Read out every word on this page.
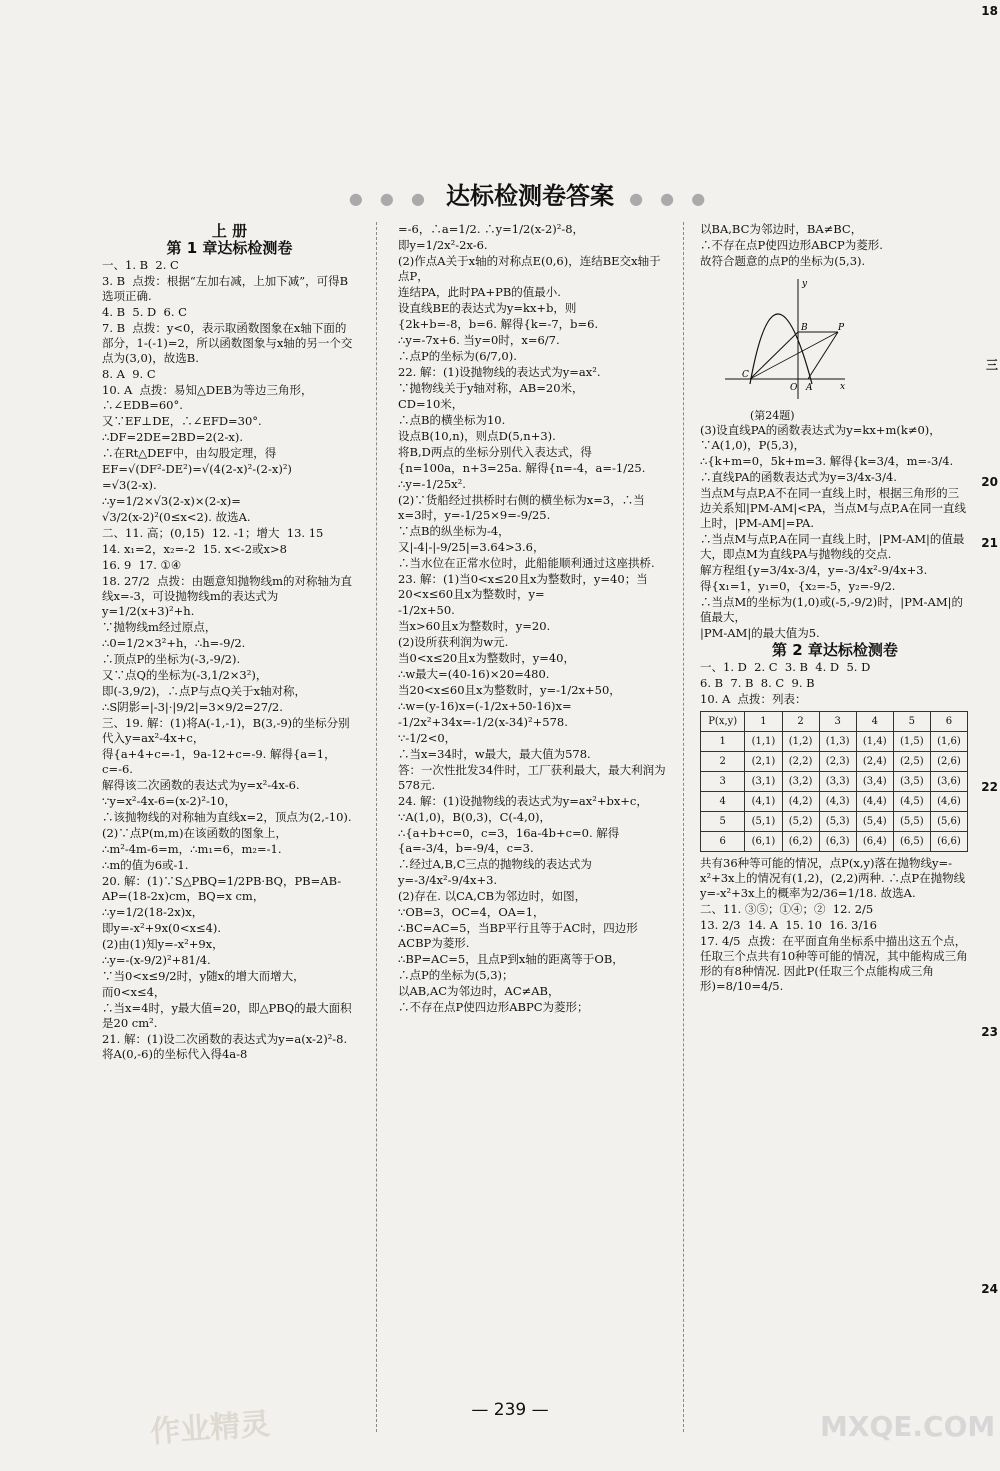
18
三
20
21
22
23
24
● ● ● 达标检测卷答案 ● ● ●
上 册
第 1 章达标检测卷

一、1. B  2. C

3. B  点拨：根据“左加右减，上加下减”，可得B选项正确.

4. B  5. D  6. C

7. B  点拨：y<0，表示取函数图象在x轴下面的部分，1-(-1)=2，所以函数图象与x轴的另一个交点为(3,0)，故选B.

8. A  9. C

10. A  点拨：易知△DEB为等边三角形，∴∠EDB=60°.

又∵EF⊥DE，∴∠EFD=30°.

∴DF=2DE=2BD=2(2-x).

∴在Rt△DEF中，由勾股定理，得

EF=√(DF²-DE²)=√(4(2-x)²-(2-x)²)

=√3(2-x).

∴y=1/2×√3(2-x)×(2-x)=

√3/2(x-2)²(0≤x<2). 故选A.

二、11. 高；(0,15)  12. -1；增大  13. 15

14. x₁=2，x₂=-2  15. x<-2或x>8

16. 9  17. ①④

18. 27/2  点拨：由题意知抛物线m的对称轴为直线x=-3，可设抛物线m的表达式为y=1/2(x+3)²+h.

∵抛物线m经过原点，

∴0=1/2×3²+h，∴h=-9/2.

∴顶点P的坐标为(-3,-9/2).

又∵点Q的坐标为(-3,1/2×3²)，

即(-3,9/2)，∴点P与点Q关于x轴对称，

∴S阴影=|-3|·|9/2|=3×9/2=27/2.

三、19. 解：(1)将A(-1,-1)，B(3,-9)的坐标分别代入y=ax²-4x+c，

得{a+4+c=-1，9a-12+c=-9. 解得{a=1，c=-6.

解得该二次函数的表达式为y=x²-4x-6.

∵y=x²-4x-6=(x-2)²-10，

∴该抛物线的对称轴为直线x=2，顶点为(2,-10).

(2)∵点P(m,m)在该函数的图象上，

∴m²-4m-6=m，∴m₁=6，m₂=-1.

∴m的值为6或-1.

20. 解：(1)∵S△PBQ=1/2PB·BQ，PB=AB-AP=(18-2x)cm，BQ=x cm，

∴y=1/2(18-2x)x，

即y=-x²+9x(0<x≤4).

(2)由(1)知y=-x²+9x，

∴y=-(x-9/2)²+81/4.

∵当0<x≤9/2时，y随x的增大而增大，

而0<x≤4，

∴当x=4时，y最大值=20，即△PBQ的最大面积是20 cm².

21. 解：(1)设二次函数的表达式为y=a(x-2)²-8. 将A(0,-6)的坐标代入得4a-8

=-6，∴a=1/2. ∴y=1/2(x-2)²-8，

即y=1/2x²-2x-6.

(2)作点A关于x轴的对称点E(0,6)，连结BE交x轴于点P，

连结PA，此时PA+PB的值最小.

设直线BE的表达式为y=kx+b，则

{2k+b=-8，b=6. 解得{k=-7，b=6.

∴y=-7x+6. 当y=0时，x=6/7.

∴点P的坐标为(6/7,0).

22. 解：(1)设抛物线的表达式为y=ax².

∵抛物线关于y轴对称，AB=20米，

CD=10米，

∴点B的横坐标为10.

设点B(10,n)，则点D(5,n+3).

将B,D两点的坐标分别代入表达式，得

{n=100a，n+3=25a. 解得{n=-4，a=-1/25.

∴y=-1/25x².

(2)∵货船经过拱桥时右侧的横坐标为x=3，∴当x=3时，y=-1/25×9=-9/25.

∵点B的纵坐标为-4，

又|-4|-|-9/25|=3.64>3.6，

∴当水位在正常水位时，此船能顺利通过这座拱桥.

23. 解：(1)当0<x≤20且x为整数时，y=40；当20<x≤60且x为整数时，y=

-1/2x+50.

当x>60且x为整数时，y=20.

(2)设所获利润为w元.

当0<x≤20且x为整数时，y=40，

∴w最大=(40-16)×20=480.

当20<x≤60且x为整数时，y=-1/2x+50，

∴w=(y-16)x=(-1/2x+50-16)x=

-1/2x²+34x=-1/2(x-34)²+578.

∵-1/2<0，

∴当x=34时，w最大，最大值为578.

答：一次性批发34件时，工厂获利最大，最大利润为578元.

24. 解：(1)设抛物线的表达式为y=ax²+bx+c，

∵A(1,0)，B(0,3)，C(-4,0)，

∴{a+b+c=0，c=3，16a-4b+c=0. 解得{a=-3/4，b=-9/4，c=3.

∴经过A,B,C三点的抛物线的表达式为

y=-3/4x²-9/4x+3.

(2)存在. 以CA,CB为邻边时，如图，

∵OB=3，OC=4，OA=1，

∴BC=AC=5，当BP平行且等于AC时，四边形ACBP为菱形.

∴BP=AC=5，且点P到x轴的距离等于OB，

∴点P的坐标为(5,3)；

以AB,AC为邻边时，AC≠AB，

∴不存在点P使四边形ABPC为菱形；

以BA,BC为邻边时，BA≠BC，

∴不存在点P使四边形ABCP为菱形.

故符合题意的点P的坐标为(5,3).

y
x
B	P
C
O A
(第24题)

(3)设直线PA的函数表达式为y=kx+m(k≠0)，∵A(1,0)，P(5,3)，

∴{k+m=0，5k+m=3. 解得{k=3/4，m=-3/4.

∴直线PA的函数表达式为y=3/4x-3/4.

当点M与点P,A不在同一直线上时，根据三角形的三边关系知|PM-AM|<PA，当点M与点P,A在同一直线上时，|PM-AM|=PA.

∴当点M与点P,A在同一直线上时，|PM-AM|的值最大，即点M为直线PA与抛物线的交点.

解方程组{y=3/4x-3/4，y=-3/4x²-9/4x+3.

得{x₁=1，y₁=0，{x₂=-5，y₂=-9/2.

∴当点M的坐标为(1,0)或(-5,-9/2)时，|PM-AM|的值最大，

|PM-AM|的最大值为5.

第 2 章达标检测卷

一、1. D  2. C  3. B  4. D  5. D

6. B  7. B  8. C  9. B

10. A  点拨：列表：

P(x,y)	1	2	3	4	5	6
1	(1,1)	(1,2)	(1,3)	(1,4)	(1,5)	(1,6)
2	(2,1)	(2,2)	(2,3)	(2,4)	(2,5)	(2,6)
3	(3,1)	(3,2)	(3,3)	(3,4)	(3,5)	(3,6)
4	(4,1)	(4,2)	(4,3)	(4,4)	(4,5)	(4,6)
5	(5,1)	(5,2)	(5,3)	(5,4)	(5,5)	(5,6)
6	(6,1)	(6,2)	(6,3)	(6,4)	(6,5)	(6,6)

共有36种等可能的情况，点P(x,y)落在抛物线y=-x²+3x上的情况有(1,2)，(2,2)两种. ∴点P在抛物线y=-x²+3x上的概率为2/36=1/18. 故选A.

二、11. ③⑤；①④；②  12. 2/5

13. 2/3  14. A  15. 10  16. 3/16

17. 4/5  点拨：在平面直角坐标系中描出这五个点，任取三个点共有10种等可能的情况，其中能构成三角形的有8种情况. 因此P(任取三个点能构成三角形)=8/10=4/5.

— 239 —
作业精灵	MXQE.COM
